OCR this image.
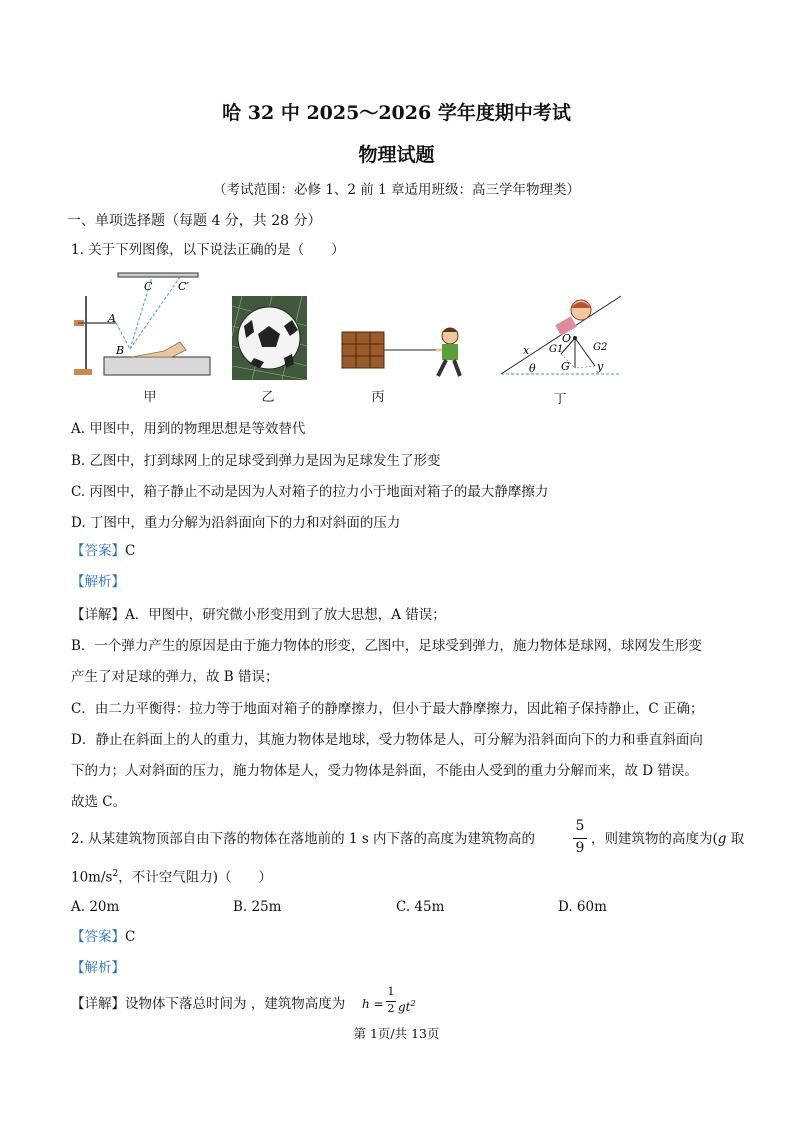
哈 32 中 2025～2026 学年度期中考试
物理试题
（考试范围：必修 1、2 前 1 章适用班级：高三学年物理类）
一、单项选择题（每题 4 分，共 28 分）
1. 关于下列图像，以下说法正确的是（　　）
A
B
C C′
x
y
O
G
G1	G2
θ
甲	乙	丙	丁
A. 甲图中，用到的物理思想是等效替代
B. 乙图中，打到球网上的足球受到弹力是因为足球发生了形变
C. 丙图中，箱子静止不动是因为人对箱子的拉力小于地面对箱子的最大静摩擦力
D. 丁图中，重力分解为沿斜面向下的力和对斜面的压力
【答案】C
【解析】
【详解】A．甲图中，研究微小形变用到了放大思想，A 错误；
B．一个弹力产生的原因是由于施力物体的形变，乙图中，足球受到弹力，施力物体是球网，球网发生形变
产生了对足球的弹力，故 B 错误；
C．由二力平衡得：拉力等于地面对箱子的静摩擦力，但小于最大静摩擦力，因此箱子保持静止，C 正确；
D．静止在斜面上的人的重力，其施力物体是地球，受力物体是人，可分解为沿斜面向下的力和垂直斜面向
下的力；人对斜面的压力，施力物体是人，受力物体是斜面，不能由人受到的重力分解而来，故 D 错误。
故选 C。
2. 从某建筑物顶部自由下落的物体在落地前的 1 s 内下落的高度为建筑物高的
5
9
，则建筑物的高度为(g 取
$10m/s^2$，不计空气阻力)（　　）
A. 20m	B. 25m	C. 45m	D. 60m
【答案】C
【解析】
【详解】设物体下落总时间为 ，建筑物高度为 h =
1
2 $gt^2$
第 1页/共 13页
